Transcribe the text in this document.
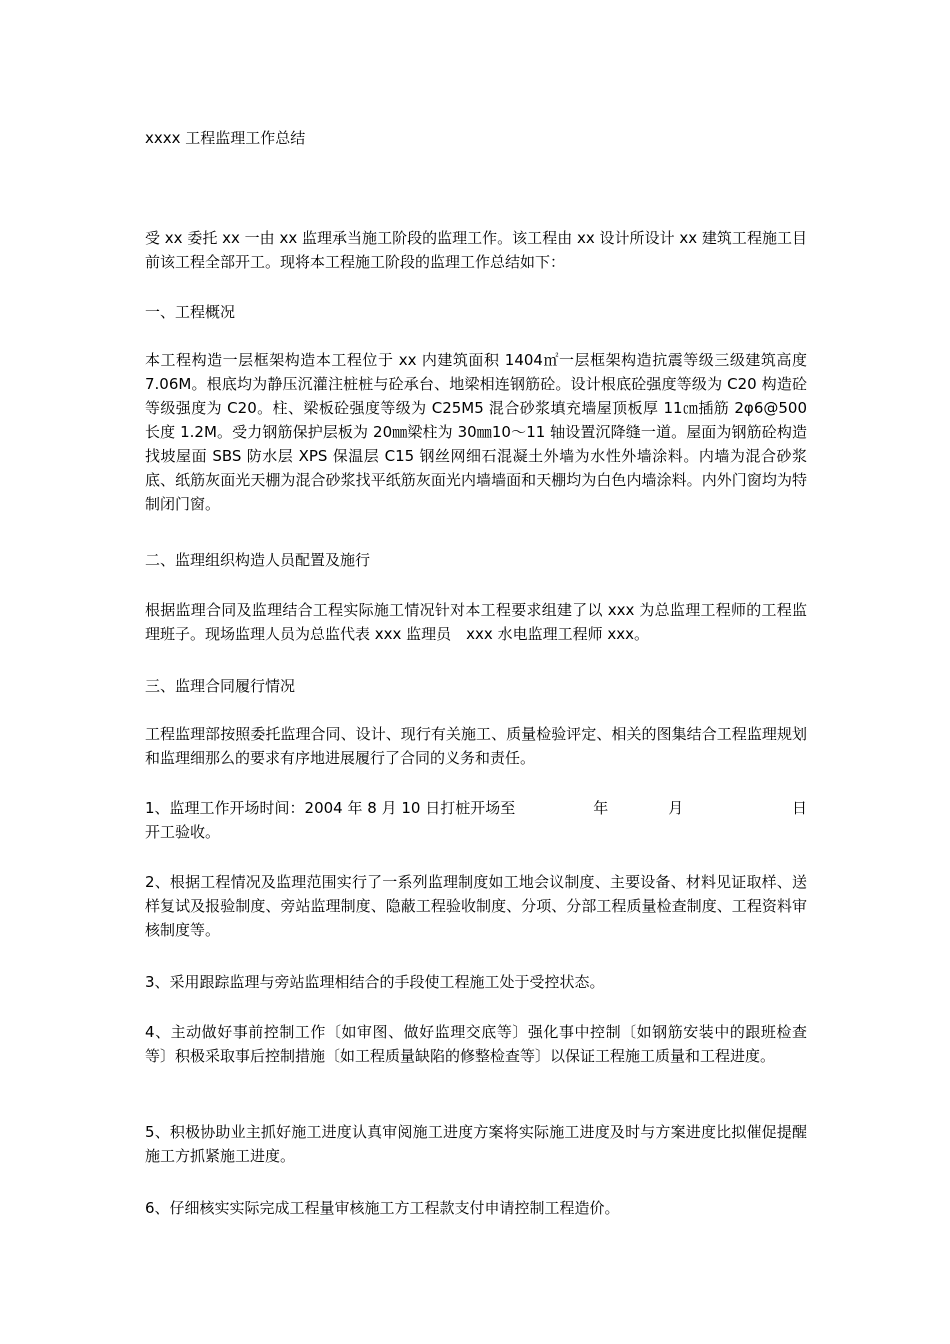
xxxx 工程监理工作总结
受 xx 委托 xx 一由 xx 监理承当施工阶段的监理工作。该工程由 xx 设计所设计 xx 建筑工程施工目前该工程全部开工。现将本工程施工阶段的监理工作总结如下：
一、工程概况
本工程构造一层框架构造本工程位于 xx 内建筑面积 1404㎡一层框架构造抗震等级三级建筑高度 7.06M。根底均为静压沉灌注桩桩与砼承台、地梁相连钢筋砼。设计根底砼强度等级为 C20 构造砼等级强度为 C20。柱、梁板砼强度等级为 C25M5 混合砂浆填充墙屋顶板厚 11㎝插筋 2φ6@500 长度 1.2M。受力钢筋保护层板为 20㎜梁柱为 30㎜10～11 轴设置沉降缝一道。屋面为钢筋砼构造找坡屋面 SBS 防水层 XPS 保温层 C15 钢丝网细石混凝土外墙为水性外墙涂料。内墙为混合砂浆底、纸筋灰面光天棚为混合砂浆找平纸筋灰面光内墙墙面和天棚均为白色内墙涂料。内外门窗均为特制闭门窗。
二、监理组织构造人员配置及施行
根据监理合同及监理结合工程实际施工情况针对本工程要求组建了以 xxx 为总监理工程师的工程监理班子。现场监理人员为总监代表 xxx 监理员　xxx 水电监理工程师 xxx。
三、监理合同履行情况
工程监理部按照委托监理合同、设计、现行有关施工、质量检验评定、相关的图集结合工程监理规划和监理细那么的要求有序地进展履行了合同的义务和责任。
1、监理工作开场时间：2004 年 8 月 10 日打桩开场至	年	月	日
开工验收。
2、根据工程情况及监理范围实行了一系列监理制度如工地会议制度、主要设备、材料见证取样、送样复试及报验制度、旁站监理制度、隐蔽工程验收制度、分项、分部工程质量检查制度、工程资料审核制度等。
3、采用跟踪监理与旁站监理相结合的手段使工程施工处于受控状态。
4、主动做好事前控制工作〔如审图、做好监理交底等〕强化事中控制〔如钢筋安装中的跟班检查等〕积极采取事后控制措施〔如工程质量缺陷的修整检查等〕以保证工程施工质量和工程进度。
5、积极协助业主抓好施工进度认真审阅施工进度方案将实际施工进度及时与方案进度比拟催促提醒施工方抓紧施工进度。
6、仔细核实实际完成工程量审核施工方工程款支付申请控制工程造价。
